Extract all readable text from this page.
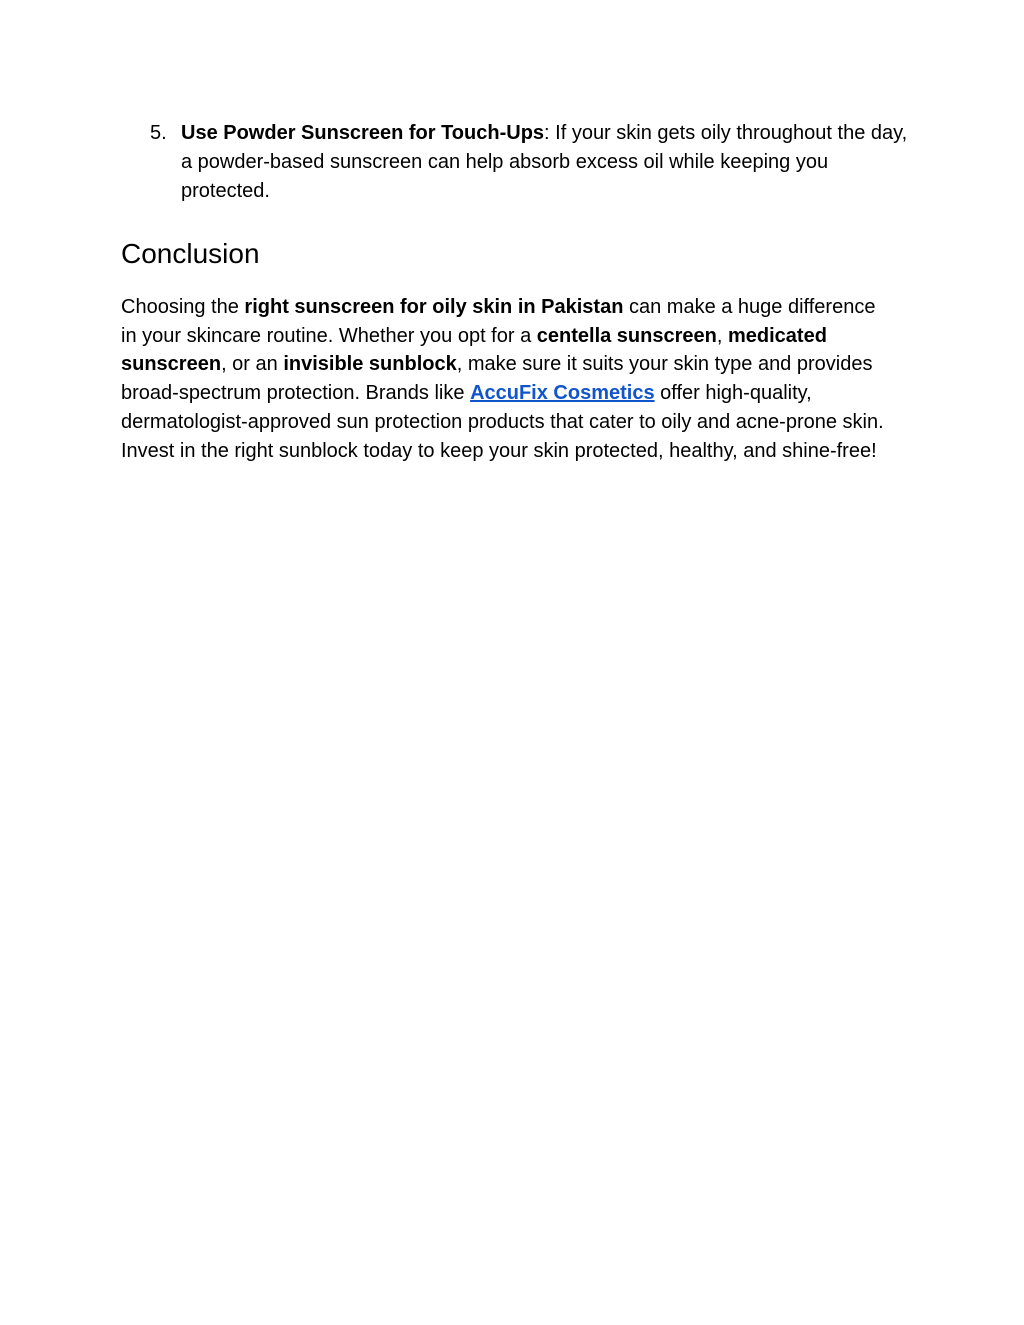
5. Use Powder Sunscreen for Touch-Ups: If your skin gets oily throughout the day, a powder-based sunscreen can help absorb excess oil while keeping you protected.
Conclusion

Choosing the right sunscreen for oily skin in Pakistan can make a huge difference in your skincare routine. Whether you opt for a centella sunscreen, medicated sunscreen, or an invisible sunblock, make sure it suits your skin type and provides broad-spectrum protection. Brands like AccuFix Cosmetics offer high-quality, dermatologist-approved sun protection products that cater to oily and acne-prone skin. Invest in the right sunblock today to keep your skin protected, healthy, and shine-free!
